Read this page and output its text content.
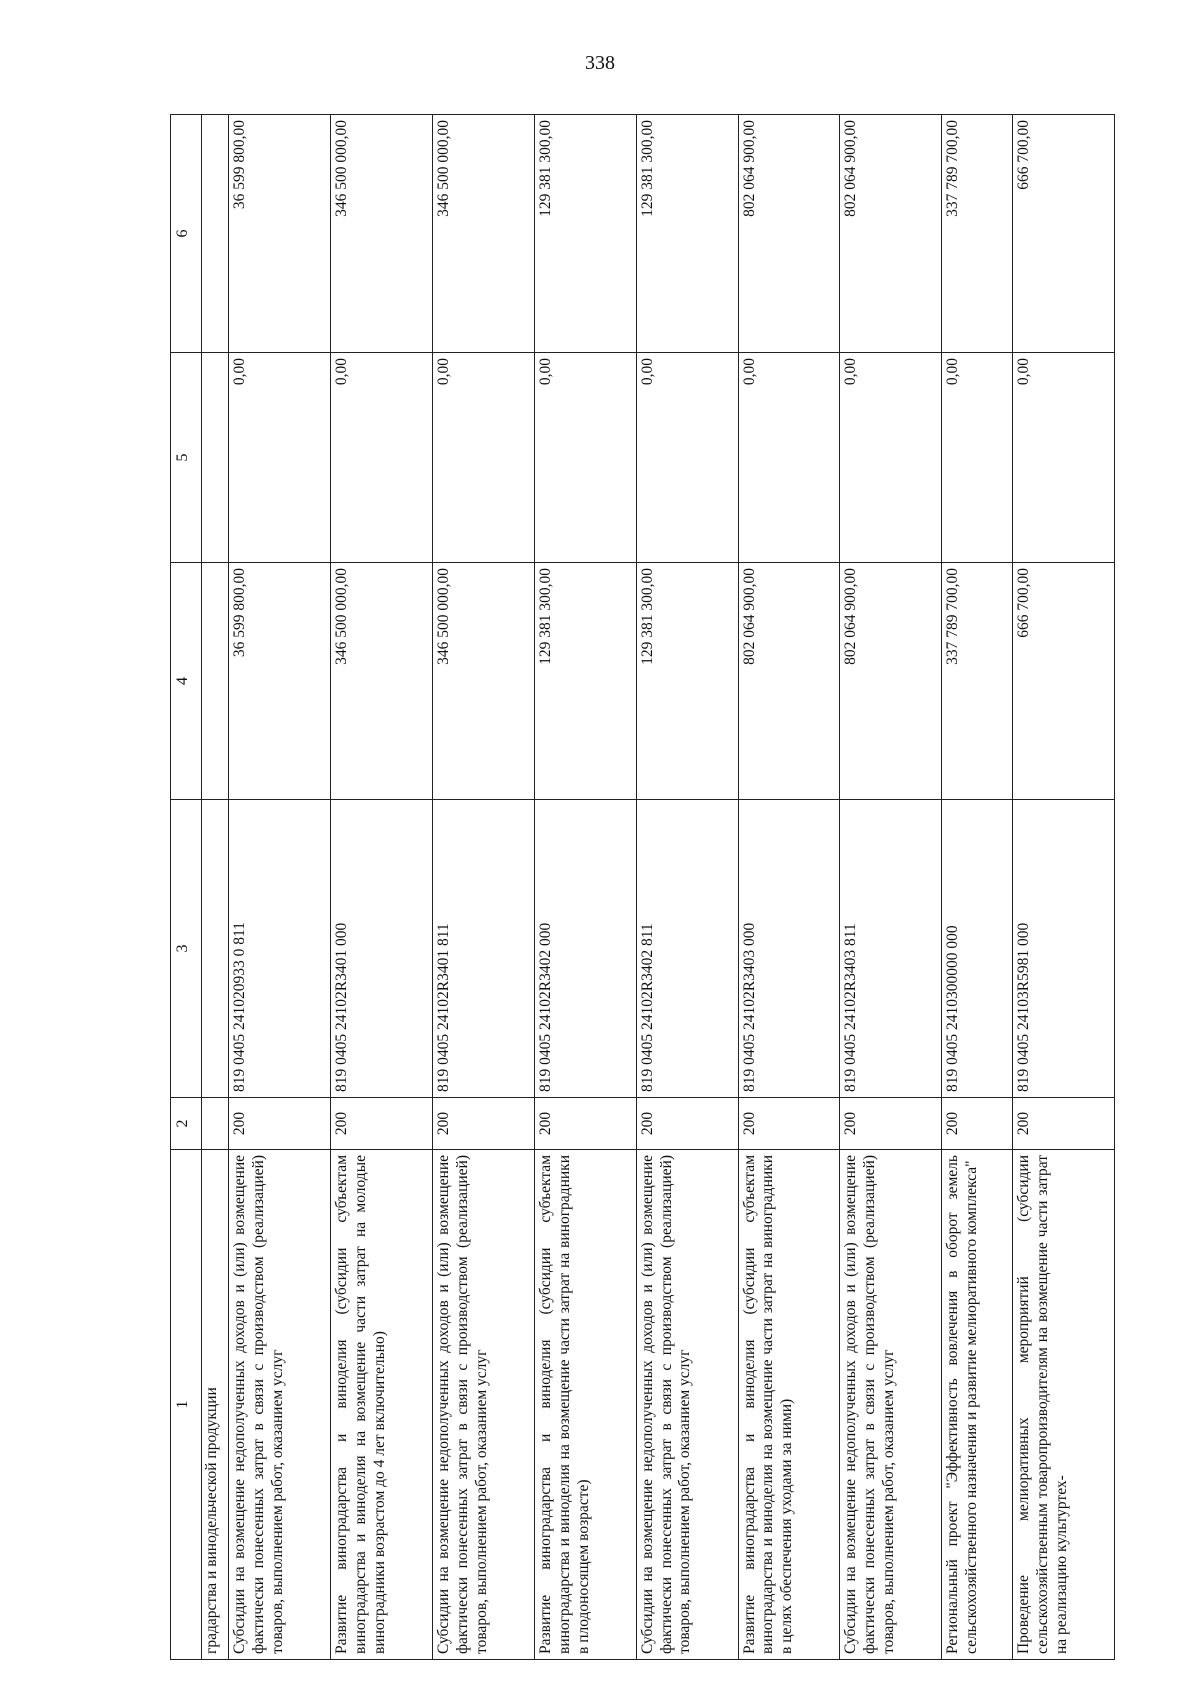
338
1	2	3	4	5	6
градарства и винодельческой продукции					
Субсидии на возмещение недополученных доходов и (или) возмещение фактически понесенных затрат в связи с производством (реализацией) товаров, выполнением работ, оказанием услуг	200	819 0405 241020933 0 811	36 599 800,00	0,00	36 599 800,00
Развитие виноградарства и виноделия (субсидии субъектам виноградарства и виноделия на возмещение части затрат на молодые виноградники возрастом до 4 лет включительно)	200	819 0405 24102R3401 000	346 500 000,00	0,00	346 500 000,00
Субсидии на возмещение недополученных доходов и (или) возмещение фактически понесенных затрат в связи с производством (реализацией) товаров, выполнением работ, оказанием услуг	200	819 0405 24102R3401 811	346 500 000,00	0,00	346 500 000,00
Развитие виноградарства и виноделия (субсидии субъектам виноградарства и виноделия на возмещение части затрат на виноградники в плодоносящем возрасте)	200	819 0405 24102R3402 000	129 381 300,00	0,00	129 381 300,00
Субсидии на возмещение недополученных доходов и (или) возмещение фактически понесенных затрат в связи с производством (реализацией) товаров, выполнением работ, оказанием услуг	200	819 0405 24102R3402 811	129 381 300,00	0,00	129 381 300,00
Развитие виноградарства и виноделия (субсидии субъектам виноградарства и виноделия на возмещение части затрат на виноградники в целях обеспечения уходами за ними)	200	819 0405 24102R3403 000	802 064 900,00	0,00	802 064 900,00
Субсидии на возмещение недополученных доходов и (или) возмещение фактически понесенных затрат в связи с производством (реализацией) товаров, выполнением работ, оказанием услуг	200	819 0405 24102R3403 811	802 064 900,00	0,00	802 064 900,00
Региональный проект "Эффективность вовлечения в оборот земель сельскохозяйственного назначения и развитие мелиоративного комплекса"	200	819 0405 2410300000 000	337 789 700,00	0,00	337 789 700,00
Проведение мелиоративных мероприятий (субсидии сельскохозяйственным товаропроизводителям на возмещение части затрат на реализацию культуртех-	200	819 0405 24103R5981 000	666 700,00	0,00	666 700,00
